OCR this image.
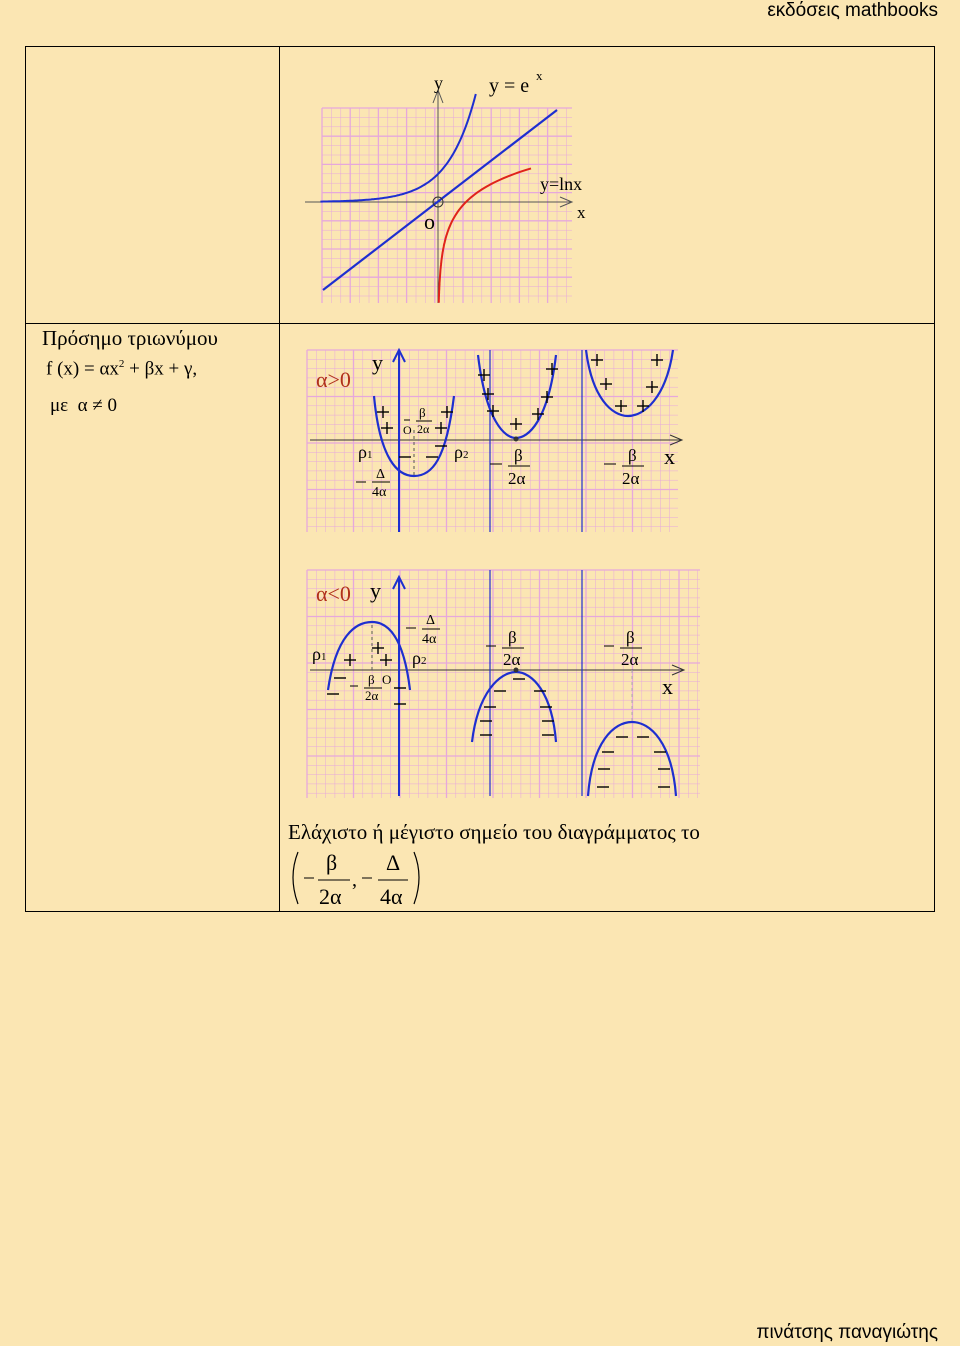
εκδόσεις mathbooks
y
x
o
y = e x
y=lnx
Πρόσημο τριωνύμου
f $(x) = \alpha x^2 + \beta x + \gamma$,
με  α ≠ 0
α>0
y
x
ρ1	ρ2
O
β
2α
Δ
4α
β
2α
β
2α
α<0 y
x
ρ1	ρ2
O
Δ
4α
β
2α
β
2α
β
2α
Ελάχιστο ή μέγιστο σημείο του διαγράμματος το
β
2α
,
Δ
4α
πινάτσης παναγιώτης
